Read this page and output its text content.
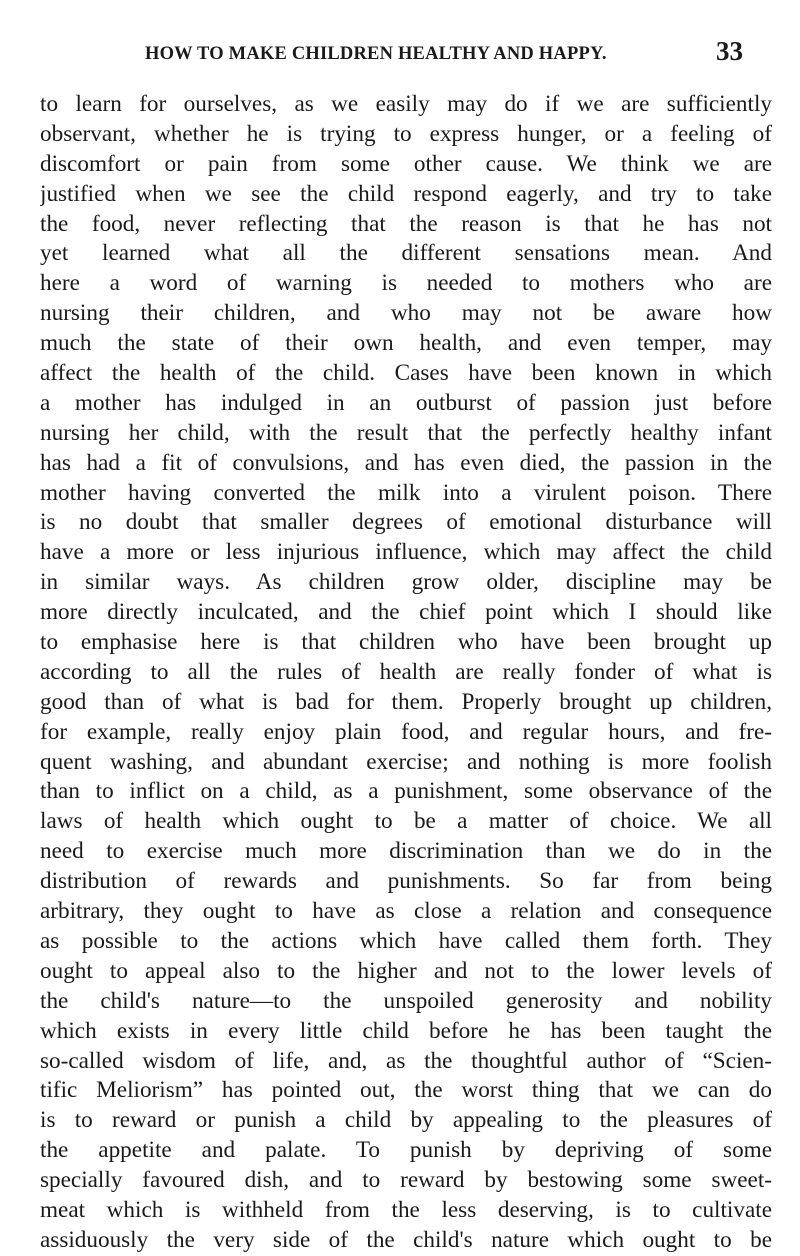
HOW TO MAKE CHILDREN HEALTHY AND HAPPY.	33
to learn for ourselves, as we easily may do if we are sufficiently
observant, whether he is trying to express hunger, or a feeling of
discomfort or pain from some other cause. We think we are
justified when we see the child respond eagerly, and try to take
the food, never reflecting that the reason is that he has not
yet learned what all the different sensations mean. And
here a word of warning is needed to mothers who are
nursing their children, and who may not be aware how
much the state of their own health, and even temper, may
affect the health of the child. Cases have been known in which
a mother has indulged in an outburst of passion just before
nursing her child, with the result that the perfectly healthy infant
has had a fit of convulsions, and has even died, the passion in the
mother having converted the milk into a virulent poison. There
is no doubt that smaller degrees of emotional disturbance will
have a more or less injurious influence, which may affect the child
in similar ways. As children grow older, discipline may be
more directly inculcated, and the chief point which I should like
to emphasise here is that children who have been brought up
according to all the rules of health are really fonder of what is
good than of what is bad for them. Properly brought up children,
for example, really enjoy plain food, and regular hours, and fre-
quent washing, and abundant exercise; and nothing is more foolish
than to inflict on a child, as a punishment, some observance of the
laws of health which ought to be a matter of choice. We all
need to exercise much more discrimination than we do in the
distribution of rewards and punishments. So far from being
arbitrary, they ought to have as close a relation and consequence
as possible to the actions which have called them forth. They
ought to appeal also to the higher and not to the lower levels of
the child's nature—to the unspoiled generosity and nobility
which exists in every little child before he has been taught the
so-called wisdom of life, and, as the thoughtful author of “Scien-
tific Meliorism” has pointed out, the worst thing that we can do
is to reward or punish a child by appealing to the pleasures of
the appetite and palate. To punish by depriving of some
specially favoured dish, and to reward by bestowing some sweet-
meat which is withheld from the less deserving, is to cultivate
assiduously the very side of the child's nature which ought to be
